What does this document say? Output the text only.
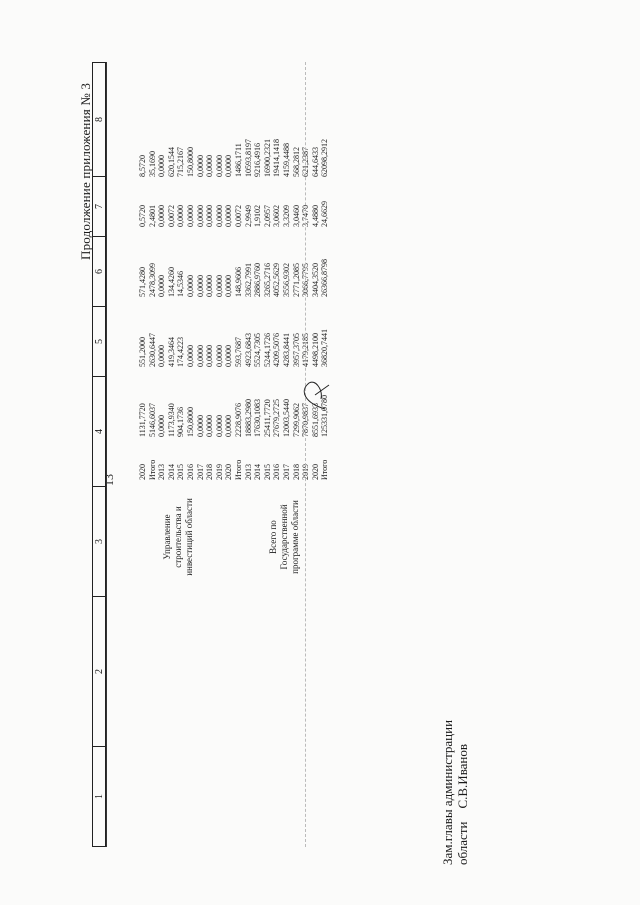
Продолжение приложения № 3
1
2
3
4
5
6
7
8
13
Управление строительства и инвестиций области	Всего по Государственной программе области
2020 Итого 2013 2014 2015 2016 2017 2018 2019 2020 Итого 2013 2014 2015 2016 2017 2018 2019 2020 Итого
1131,7720 5146,6037 0,0000 1173,9340 904,1736 150,8000 0,0000 0,0000 0,0000 0,0000 2228,9076 18883,2980 17630,1083 25411,7720 27679,2725 12003,5440 7299,9062 7870,9837 8551,6933 125331,0780
551,2000 2630,6447 0,0000 419,3464 174,4223 0,0000 0,0000 0,0000 0,0000 0,0000 593,7687 4923,6843 5524,7305 5244,1726 4209,5076 4283,8441 3957,3705 4179,2185 4498,2100 36820,7441
571,4280 2478,3099 0,0000 134,4260 14,5346 0,0000 0,0000 0,0000 0,0000 0,0000 148,9606 3362,7991 2886,9760 3265,2716 4052,5629 3556,9302 2771,2085 3066,7795 3404,3520 26366,8798
0,5720 2,4801 0,0000 0,0072 0,0000 0,0000 0,0000 0,0000 0,0000 0,0000 0,0072 2,9949 1,9102 2,0957 3,0602 3,3209 3,0460 3,7470 4,4880 24,6629
8,5720 35,1690 0,0000 620,1544 715,2167 150,8000 0,0000 0,0000 0,0000 0,0000 1486,1711 10593,8197 9216,4916 16900,2321 19414,1418 4159,4488 568,2812 621,2387 644,6433 62098,2912
Зам.главы администрации области    С.В.Иванов
